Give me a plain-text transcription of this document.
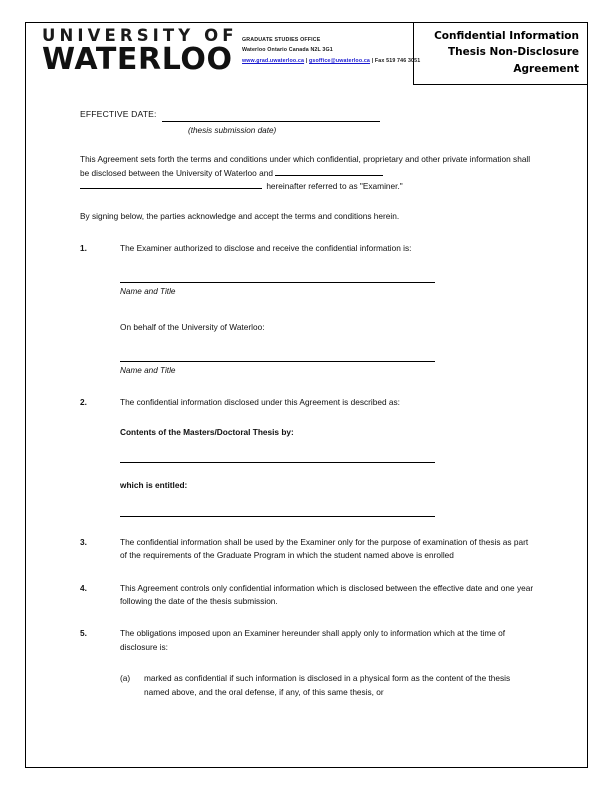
UNIVERSITY OF
WATERLOO
GRADUATE STUDIES OFFICE
Waterloo Ontario Canada N2L 3G1
www.grad.uwaterloo.ca | gsoffice@uwaterloo.ca | Fax 519 746 3051
Confidential Information
Thesis Non-Disclosure
Agreement
EFFECTIVE DATE:
(thesis submission date)
This Agreement sets forth the terms and conditions under which confidential, proprietary and other private information shall be disclosed between the University of Waterloo and
hereinafter referred to as "Examiner."
By signing below, the parties acknowledge and accept the terms and conditions herein.
1.	The Examiner authorized to disclose and receive the confidential information is:
Name and Title
On behalf of the University of Waterloo:
Name and Title
2.	The confidential information disclosed under this Agreement is described as:
Contents of the Masters/Doctoral Thesis by:
which is entitled:
3.	The confidential information shall be used by the Examiner only for the purpose of examination of thesis as part of the requirements of the Graduate Program in which the student named above is enrolled
4.	This Agreement controls only confidential information which is disclosed between the effective date and one year following the date of the thesis submission.
5.	The obligations imposed upon an Examiner hereunder shall apply only to information which at the time of disclosure is:
(a)	marked as confidential if such information is disclosed in a physical form as the content of the thesis named above, and the oral defense, if any, of this same thesis, or
